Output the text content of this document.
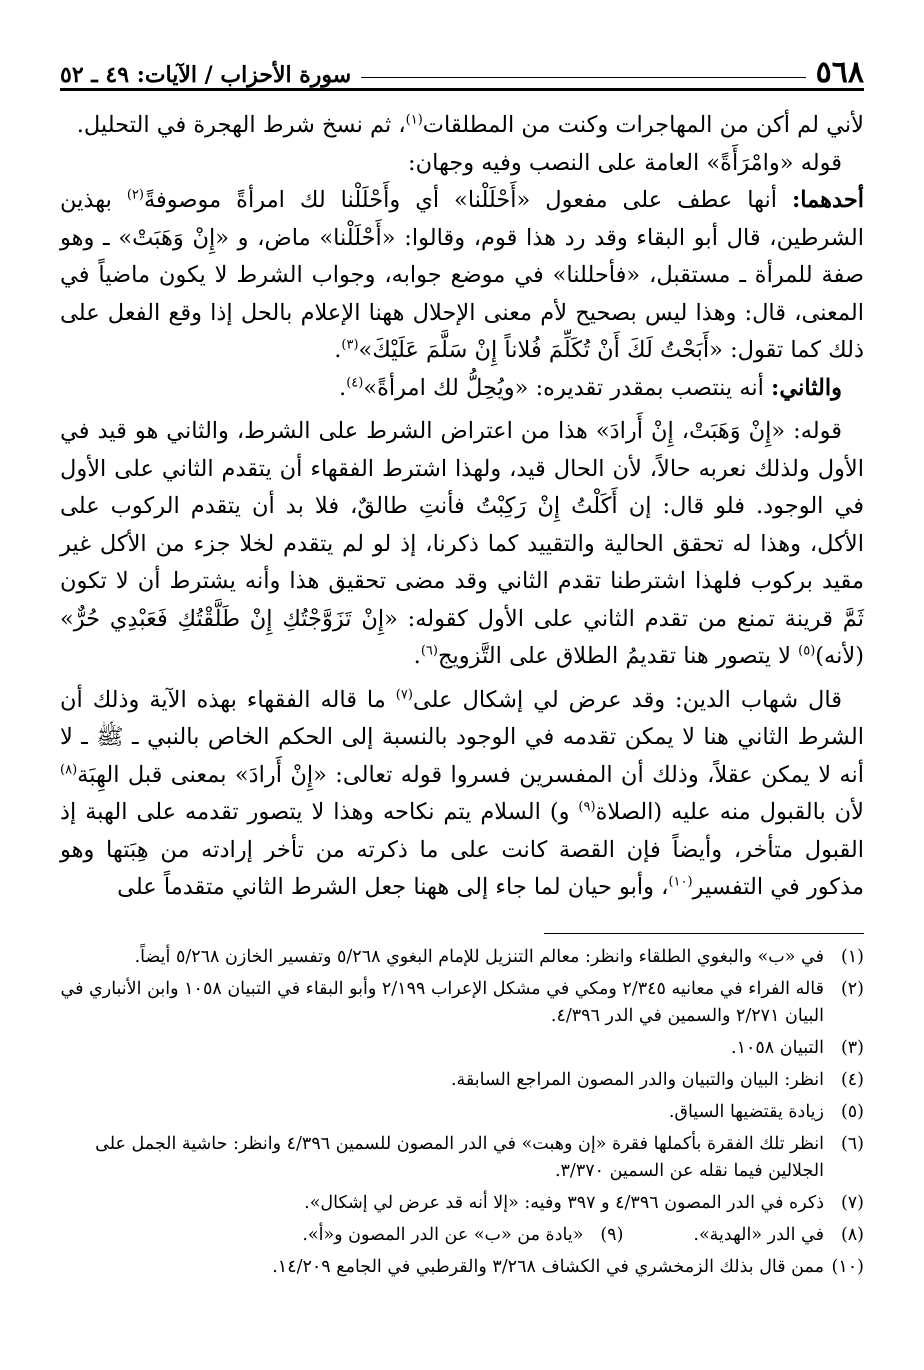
٥٦٨
سورة الأحزاب / الآيات: ٤٩ ـ ٥٢

لأني لم أكن من المهاجرات وكنت من المطلقات$^{(١)}$، ثم نسخ شرط الهجرة في التحليل.

قوله «وامْرَأَةً» العامة على النصب وفيه وجهان:

أحدهما: أنها عطف على مفعول «أَحْلَلْنا» أي وأَحْلَلْنا لك امرأةً موصوفةً$^{(٢)}$ بهذين الشرطين، قال أبو البقاء وقد رد هذا قوم، وقالوا: «أَحْلَلْنا» ماض، و «إِنْ وَهَبَتْ» ـ وهو صفة للمرأة ـ مستقبل، «فأحللنا» في موضع جوابه، وجواب الشرط لا يكون ماضياً في المعنى، قال: وهذا ليس بصحيح لأم معنى الإحلال ههنا الإعلام بالحل إذا وقع الفعل على ذلك كما تقول: «أَبَحْتُ لَكَ أَنْ تُكَلِّمَ فُلاناً إِنْ سَلَّمَ عَلَيْكَ»$^{(٣)}$.

والثاني: أنه ينتصب بمقدر تقديره: «ويُحِلُّ لك امرأةً»$^{(٤)}$.

قوله: «إِنْ وَهَبَتْ، إِنْ أَرادَ» هذا من اعتراض الشرط على الشرط، والثاني هو قيد في الأول ولذلك نعربه حالاً، لأن الحال قيد، ولهذا اشترط الفقهاء أن يتقدم الثاني على الأول في الوجود. فلو قال: إن أَكَلْتُ إِنْ رَكِبْتُ فأنتِ طالقٌ، فلا بد أن يتقدم الركوب على الأكل، وهذا له تحقق الحالية والتقييد كما ذكرنا، إذ لو لم يتقدم لخلا جزء من الأكل غير مقيد بركوب فلهذا اشترطنا تقدم الثاني وقد مضى تحقيق هذا وأنه يشترط أن لا تكون ثَمَّ قرينة تمنع من تقدم الثاني على الأول كقوله: «إِنْ تَزَوَّجْتُكِ إِنْ طَلَّقْتُكِ فَعَبْدِي حُرٌّ» (لأنه)$^{(٥)}$ لا يتصور هنا تقديمُ الطلاق على التَّزويج$^{(٦)}$.

قال شهاب الدين: وقد عرض لي إشكال على$^{(٧)}$ ما قاله الفقهاء بهذه الآية وذلك أن الشرط الثاني هنا لا يمكن تقدمه في الوجود بالنسبة إلى الحكم الخاص بالنبي ـ ﷺ ـ لا أنه لا يمكن عقلاً، وذلك أن المفسرين فسروا قوله تعالى: «إِنْ أَرادَ» بمعنى قبل الهِبَة$^{(٨)}$ لأن بالقبول منه عليه (الصلاة$^{(٩)}$ و) السلام يتم نكاحه وهذا لا يتصور تقدمه على الهبة إذ القبول متأخر، وأيضاً فإن القصة كانت على ما ذكرته من تأخر إرادته من هِبَتها وهو مذكور في التفسير$^{(١٠)}$، وأبو حيان لما جاء إلى ههنا جعل الشرط الثاني متقدماً على

(١)
في «ب» والبغوي الطلقاء وانظر: معالم التنزيل للإمام البغوي ٥/٢٦٨ وتفسير الخازن ٥/٢٦٨ أيضاً.
(٢)
قاله الفراء في معانيه ٢/٣٤٥ ومكي في مشكل الإعراب ٢/١٩٩ وأبو البقاء في التبيان ١٠٥٨ وابن الأنباري في البيان ٢/٢٧١ والسمين في الدر ٤/٣٩٦.
(٣)
التبيان ١٠٥٨.
(٤)
انظر: البيان والتبيان والدر المصون المراجع السابقة.
(٥)
زيادة يقتضيها السياق.
(٦)
انظر تلك الفقرة بأكملها فقرة «إن وهبت» في الدر المصون للسمين ٤/٣٩٦ وانظر: حاشية الجمل على الجلالين فيما نقله عن السمين ٣/٣٧٠.
(٧)
ذكره في الدر المصون ٤/٣٩٦ و ٣٩٧ وفيه: «إلا أنه قد عرض لي إشكال».
(٨)
في الدر «الهدية».
(٩)
«يادة من «ب» عن الدر المصون و«أ».
(١٠)
ممن قال بذلك الزمخشري في الكشاف ٣/٢٦٨ والقرطبي في الجامع ١٤/٢٠٩.
